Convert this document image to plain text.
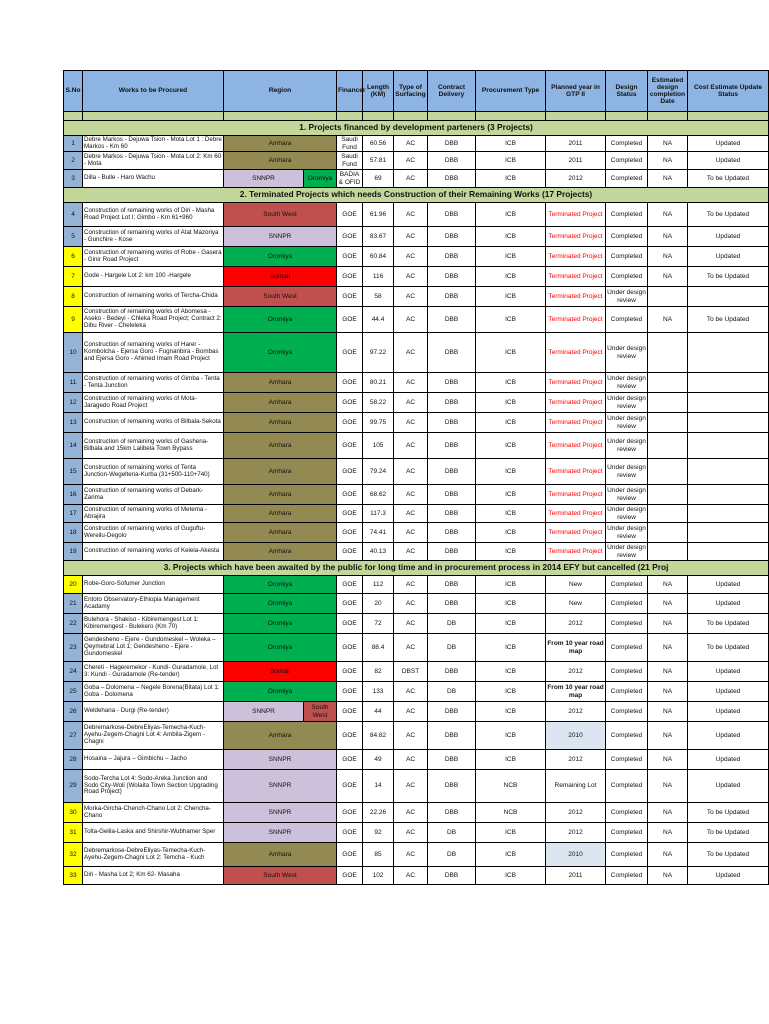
S.No	Works to be Procured	Region		Financer	Length (KM)	Type of Surfacing	Contract Delivery	Procurement Type	Planned year in GTP II	Design Status	Estimated design completion Date	Cost Estimate Update Status

1. Projects financed by development parteners (3 Projects)												
1	Debre Markos - Dejuwa Tsion - Mota Lot 1 : Debre Markos - Km 60	Amhara		Saudi Fund	60.56	AC	DBB	ICB	2011	Completed	NA	Updated
2	Debre Markos - Dejuwa Tsion - Mota Lot 2: Km 60 - Mota	Amhara		Saudi Fund	57.81	AC	DBB	ICB	2011	Completed	NA	Updated
3	Dilla - Bulle - Haro Wachu	SNNPR	Oromiya	BADIA & OFID	69	AC	DBB	ICB	2012	Completed	NA	To be Updated
2. Terminated Projects which needs Construction of their Remaining Works (17 Projects)												
4	Construction of remaining works of Diri - Masha Road Project Lot I: Gimbo - Km 61+960	South West		GOE	61.96	AC	DBB	ICB	Terminated Project	Completed	NA	To be Updated
5	Construction of remaining works of Atat Mazoriya - Gunchire - Kose	SNNPR		GOE	83.67	AC	DBB	ICB	Terminated Project	Completed	NA	Updated
6	Construction of remaining works of Robe - Gasera - Ginir Road Project	Oromiya		GOE	60.84	AC	DBB	ICB	Terminated Project	Completed	NA	Updated
7	Gode - Hargele Lot 2: km 100 -Hargele	Somali		GOE	116	AC	DBB	ICB	Terminated Project	Completed	NA	To be Updated
8	Construction of remaining works of Tercha-Chida	South West		GOE	58	AC	DBB	ICB	Terminated Project	Under design review		
9	Construction of remaining works of Abomesa - Aseko - Bedeyi - Chleka Road Project; Contract 2: Dibu River - Cheleleka	Oromiya		GOE	44.4	AC	DBB	ICB	Terminated Project	Completed	NA	To be Updated
10	Construction of remaining works of Harer - Kombolcha - Ejersa Goro - Fugnanbira - Bombas and Ejersa Goro - Ahimed Imam Road Project	Oromiya		GOE	97.22	AC	DBB	ICB	Terminated Project	Under design review		
11	Construction of remaining works of Gimba - Tenta - Tenta Junction	Amhara		GOE	80.21	AC	DBB	ICB	Terminated Project	Under design review		
12	Construction of remaining works of Mota-Jaragedo Road Project	Amhara		GOE	58.22	AC	DBB	ICB	Terminated Project	Under design review		
13	Construction of remaining works of Bilbala-Sekota	Amhara		GOE	99.75	AC	DBB	ICB	Terminated Project	Under design review		
14	Construction of remaining works of Gashena-Bilbala and 15km Lalibela Town Bypass	Amhara		GOE	105	AC	DBB	ICB	Terminated Project	Under design review		
15	Construction of remaining works of Tenta Junction-Wegeltena-Kurba (31+500-110+740)	Amhara		GOE	79.24	AC	DBB	ICB	Terminated Project	Under design review		
16	Construction of remaining works of Debark-Zarima	Amhara		GOE	68.62	AC	DBB	ICB	Terminated Project	Under design review		
17	Construction of remaining works of Metema - Abrajira	Amhara		GOE	117.3	AC	DBB	ICB	Terminated Project	Under design review		
18	Construction of remaining works of Guguftu-Wereilu-Degolo	Amhara		GOE	74.41	AC	DBB	ICB	Terminated Project	Under design review		
19	Construction of remaining works of Kelela-Akesta	Amhara		GOE	40.13	AC	DBB	ICB	Terminated Project	Under design review		
3. Projects which have been awaited by the public for long time and in procurement process in 2014 EFY but cancelled (21 Proj												
20	Robe-Goro-Sofumer Junction	Oromiya		GOE	112	AC	DBB	ICB	New	Completed	NA	Updated
21	Entoto Observatory-Ethiopia Management Acadamy	Oromiya		GOE	20	AC	DBB	ICB	New	Completed	NA	Updated
22	Bulehora - Shakiso - Kibiremengest Lot 1: Kibiremengest - Bulekero (Km 70)	Oromiya		GOE	72	AC	DB	ICB	2012	Completed	NA	To be Updated
23	Gendesheno - Ejere - Gundomeskel – Woleka – Qeymebrat Lot 1; Gendesheno - Ejere - Gundomeskel	Oromiya		GOE	88.4	AC	DB	ICB	From 10 year road map	Completed	NA	To be Updated
24	Chereti - Hageremekor - Kundi- Guradamole, Lot 3: Kundi - Guradamole (Re-tender)	Somali		GOE	82	DBST	DBB	ICB	2012	Completed	NA	Updated
25	Goba – Dolomena – Negele Borena(Bitata) Lot 1: Goba - Dolomena	Oromiya		GOE	133	AC	DB	ICB	From 10 year road map	Completed	NA	Updated
26	Weldehana - Durgi (Re-tender)	SNNPR	South West	GOE	44	AC	DBB	ICB	2012	Completed	NA	Updated
27	Debremarkose-DebreEliyas-Temecha-Kuch-Ayehu-Zegem-Chagni Lot 4: Ambila-Zigem - Chagni	Amhara		GOE	84.82	AC	DBB	ICB	2010	Completed	NA	Updated
28	Hosaina – Jajura – Gimbichu – Jacho	SNNPR		GOE	49	AC	DBB	ICB	2012	Completed	NA	Updated
29	Sodo-Tercha Lot 4: Sodo-Areka Junction and Sodo City-Woli (Wolaita Town Section Upgrading Road Project)	SNNPR		GOE	14	AC	DBB	NCB	Remaining Lot	Completed	NA	Updated
30	Morka-Gircha-Chench-Chano Lot 2: Chencha-Chano	SNNPR		GOE	22.26	AC	DBB	NCB	2012	Completed	NA	To be Updated
31	Tolta-Gelila-Laska and Shirshir-Wubhamer Sper	SNNPR		GOE	92	AC	DB	ICB	2012	Completed	NA	To be Updated
32	Debremarkose-DebreEliyas-Temecha-Kuch-Ayehu-Zegem-Chagni Lot 2: Temcha - Kuch	Amhara		GOE	85	AC	DB	ICB	2010	Completed	NA	To be Updated
33	Diri - Masha Lot 2; Km 62- Masaha	South West		GOE	102	AC	DBB	ICB	2011	Completed	NA	Updated
